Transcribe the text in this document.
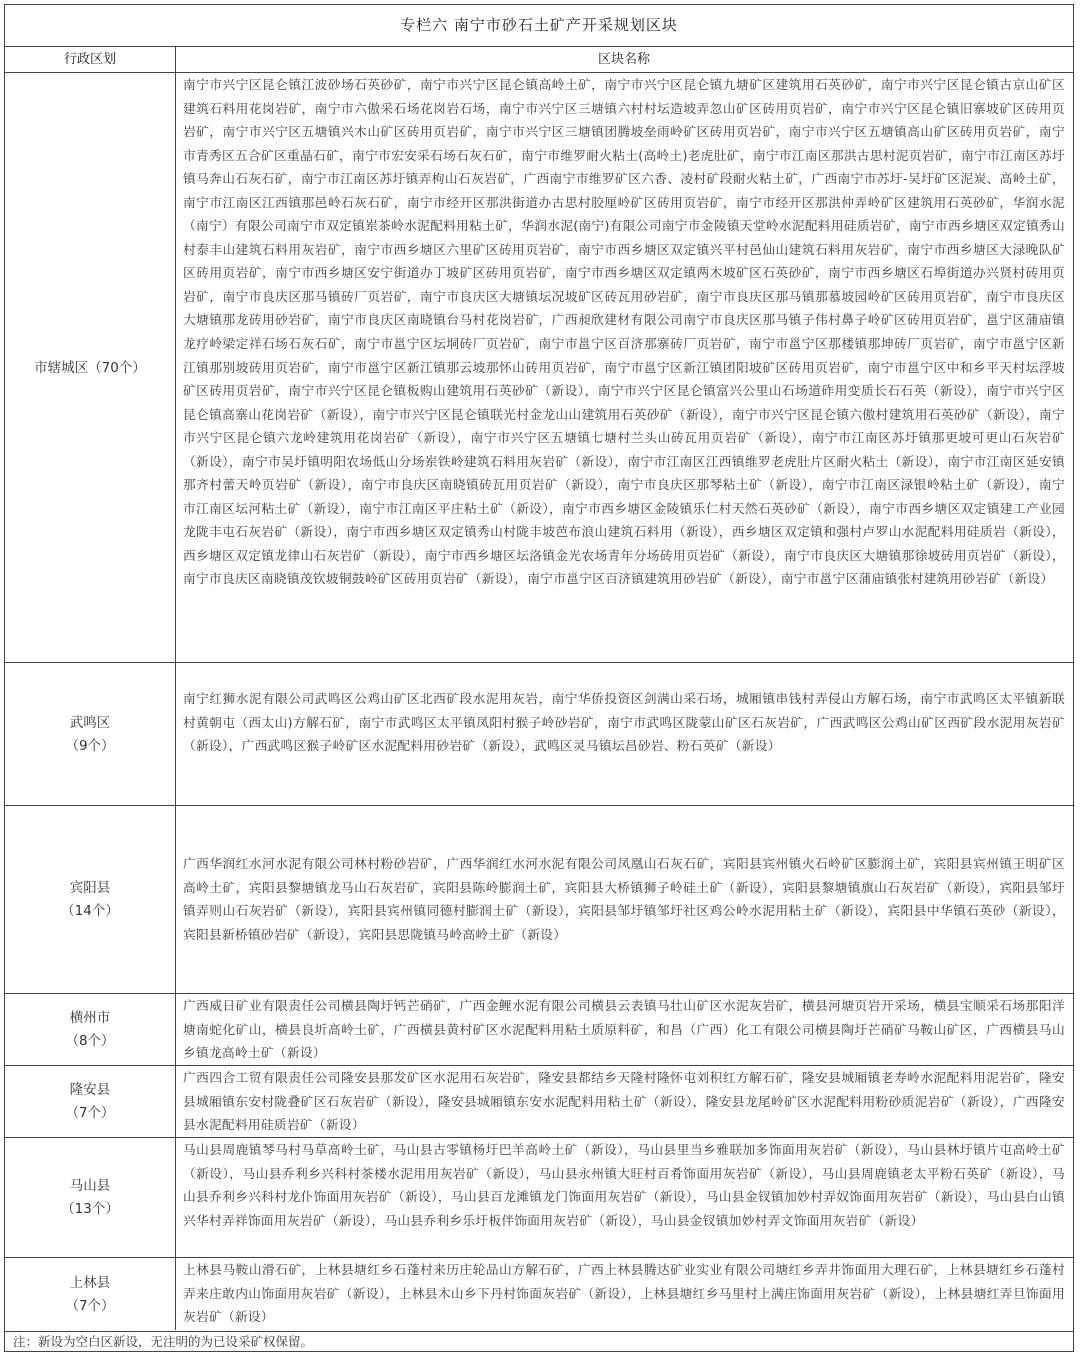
专栏六 南宁市砂石土矿产开采规划区块
行政区划	区块名称
市辖城区（70个）
南宁市兴宁区昆仑镇江波砂场石英砂矿，南宁市兴宁区昆仑镇高岭土矿，南宁市兴宁区昆仑镇九塘矿区建筑用石英砂矿，南宁市兴宁区昆仑镇古京山矿区建筑石料用花岗岩矿，南宁市六傲采石场花岗岩石场，南宁市兴宁区三塘镇六村村坛造坡弄忽山矿区砖用页岩矿，南宁市兴宁区昆仑镇旧寨坡矿区砖用页岩矿，南宁市兴宁区五塘镇兴木山矿区砖用页岩矿，南宁市兴宁区三塘镇团腾坡垒雨岭矿区砖用页岩矿，南宁市兴宁区五塘镇高山矿区砖用页岩矿，南宁市青秀区五合矿区重晶石矿，南宁市宏安采石场石灰石矿，南宁市维罗耐火粘土(高岭土)老虎肚矿，南宁市江南区那洪古思村泥页岩矿，南宁市江南区苏圩镇马奔山石灰石矿，南宁市江南区苏圩镇弄枸山石灰岩矿，广西南宁市维罗矿区六香、凌村矿段耐火粘土矿，广西南宁市苏圩-吴圩矿区泥炭、高岭土矿，南宁市江南区江西镇那邑岭石灰石矿，南宁市经开区那洪街道办古思村胶厘岭矿区砖用页岩矿，南宁市经开区那洪仲弄岭矿区建筑用石英砂矿，华润水泥（南宁）有限公司南宁市双定镇岽茶岭水泥配料用粘土矿，华润水泥(南宁)有限公司南宁市金陵镇天堂岭水泥配料用硅质岩矿，南宁市西乡塘区双定镇秀山村泰丰山建筑石料用灰岩矿，南宁市西乡塘区六里矿区砖用页岩矿，南宁市西乡塘区双定镇兴平村邑仙山建筑石料用灰岩矿，南宁市西乡塘区大渌晚队矿区砖用页岩矿，南宁市西乡塘区安宁街道办丁坡矿区砖用页岩矿，南宁市西乡塘区双定镇两木坡矿区石英砂矿，南宁市西乡塘区石埠街道办兴贤村砖用页岩矿，南宁市良庆区那马镇砖厂页岩矿，南宁市良庆区大塘镇坛况坡矿区砖瓦用砂岩矿，南宁市良庆区那马镇那慕坡园岭矿区砖用页岩矿，南宁市良庆区大塘镇那龙砖用砂岩矿，南宁市良庆区南晓镇台马村花岗岩矿，广西昶欣建材有限公司南宁市良庆区那马镇子伟村鼻子岭矿区砖用页岩矿，邕宁区蒲庙镇龙疗岭梁定祥石场石灰石矿，南宁市邕宁区坛垌砖厂页岩矿，南宁市邕宁区百济那寨砖厂页岩矿，南宁市邕宁区那楼镇那坤砖厂页岩矿，南宁市邕宁区新江镇那别坡砖用页岩矿，南宁市邕宁区新江镇那云坡那怀山砖用页岩矿，南宁市邕宁区新江镇团阳坡矿区砖用页岩矿，南宁市邕宁区中和乡平天村坛浮坡矿区砖用页岩矿，南宁市兴宁区昆仑镇板购山建筑用石英砂矿（新设），南宁市兴宁区昆仑镇富兴公里山石场道砟用变质长石石英（新设），南宁市兴宁区昆仑镇高寨山花岗岩矿（新设），南宁市兴宁区昆仑镇联光村金龙山山建筑用石英砂矿（新设），南宁市兴宁区昆仑镇六傲村建筑用石英砂矿（新设），南宁市兴宁区昆仑镇六龙岭建筑用花岗岩矿（新设），南宁市兴宁区五塘镇七塘村兰头山砖瓦用页岩矿（新设），南宁市江南区苏圩镇那更坡可更山石灰岩矿（新设），南宁市吴圩镇明阳农场低山分场岽铁岭建筑石料用灰岩矿（新设），南宁市江南区江西镇维罗老虎肚片区耐火粘土（新设），南宁市江南区延安镇那齐村蕾天岭页岩矿（新设），南宁市良庆区南晓镇砖瓦用页岩矿（新设），南宁市良庆区那琴粘土矿（新设），南宁市江南区渌银岭粘土矿（新设），南宁市江南区坛河粘土矿（新设），南宁市江南区平庄粘土矿（新设），南宁市西乡塘区金陵镇乐仁村天然石英砂矿（新设），南宁市西乡塘区双定镇建工产业园龙陇丰屯石灰岩矿（新设），南宁市西乡塘区双定镇秀山村陇丰坡芭布浪山建筑石料用（新设），西乡塘区双定镇和强村卢罗山水泥配料用硅质岩（新设），西乡塘区双定镇龙律山石灰岩矿（新设），南宁市西乡塘区坛洛镇金光农场青年分场砖用页岩矿（新设），南宁市良庆区大塘镇那徐坡砖用页岩矿（新设），南宁市良庆区南晓镇茂钦坡铜鼓岭矿区砖用页岩矿（新设），南宁市邕宁区百济镇建筑用砂岩矿（新设），南宁市邕宁区蒲庙镇张村建筑用砂岩矿（新设）
武鸣区
（9个）
南宁红狮水泥有限公司武鸣区公鸡山矿区北西矿段水泥用灰岩，南宁华侨投资区剑满山采石场，城厢镇串钱村弄侵山方解石场，南宁市武鸣区太平镇新联村黄朝屯（西太山)方解石矿，南宁市武鸣区太平镇凤阳村猴子岭砂岩矿，南宁市武鸣区陇蒙山矿区石灰岩矿，广西武鸣区公鸡山矿区西矿段水泥用灰岩矿（新设），广西武鸣区猴子岭矿区水泥配料用砂岩矿（新设），武鸣区灵马镇坛昌砂岩、粉石英矿（新设）
宾阳县
（14个）
广西华润红水河水泥有限公司林村粉砂岩矿，广西华润红水河水泥有限公司凤凰山石灰石矿，宾阳县宾州镇火石岭矿区膨润土矿，宾阳县宾州镇王明矿区高岭土矿，宾阳县黎塘镇龙马山石灰岩矿，宾阳县陈岭膨润土矿，宾阳县大桥镇狮子岭硅土矿（新设），宾阳县黎塘镇旗山石灰岩矿（新设），宾阳县邹圩镇弄则山石灰岩矿（新设），宾阳县宾州镇同德村膨润土矿（新设），宾阳县邹圩镇邹圩社区鸡公岭水泥用粘土矿（新设），宾阳县中华镇石英砂（新设），宾阳县新桥镇砂岩矿（新设），宾阳县思陇镇马岭高岭土矿（新设）
横州市
（8个）
广西威日矿业有限责任公司横县陶圩钙芒硝矿，广西金鲤水泥有限公司横县云表镇马壮山矿区水泥灰岩矿，横县河塘页岩开采场，横县宝顺采石场那阳洋塘南蛇化矿山，横县良圻高岭土矿，广西横县黄村矿区水泥配料用粘土质原料矿，和昌（广西）化工有限公司横县陶圩芒硝矿马鞍山矿区，广西横县马山乡镇龙高岭土矿（新设）
隆安县
（7个）
广西四合工贸有限责任公司隆安县那发矿区水泥用石灰岩矿，隆安县都结乡天隆村隆怀屯刘积红方解石矿，隆安县城厢镇老寿岭水泥配料用泥岩矿，隆安县城厢镇东安村陇叠矿区石灰岩矿（新设），隆安县城厢镇东安水泥配料用粘土矿（新设），隆安县龙尾岭矿区水泥配料用粉砂质泥岩矿（新设），广西隆安县水泥配料用硅质岩矿（新设）
马山县
（13个）
马山县周鹿镇琴马村马草高岭土矿，马山县古零镇杨圩巴羊高岭土矿（新设），马山县里当乡雅联加多饰面用灰岩矿（新设），马山县林圩镇片屯高岭土矿（新设），马山县乔利乡兴科村茶楼水泥用用灰岩矿（新设），马山县永州镇大旺村百肴饰面用灰岩矿（新设），马山县周鹿镇老太平粉石英矿（新设），马山县乔利乡兴科村龙仆饰面用灰岩矿（新设），马山县百龙滩镇龙门饰面用灰岩矿（新设），马山县金钗镇加妙村弄奴饰面用灰岩矿（新设），马山县白山镇兴华村弄祥饰面用灰岩矿（新设），马山县乔利乡乐圩板伴饰面用灰岩矿（新设），马山县金钗镇加妙村弄文饰面用灰岩矿（新设）
上林县
（7个）
上林县马鞍山滑石矿，上林县塘红乡石蓬村来历庄轮品山方解石矿，广西上林县腾达矿业实业有限公司塘红乡弄井饰面用大理石矿，上林县塘红乡石蓬村弄来庄敢内山饰面用灰岩矿（新设），上林县木山乡下丹村饰面灰岩矿（新设），上林县塘红乡马里村上满庄饰面用灰岩矿（新设），上林县塘红弄旦饰面用灰岩矿（新设）
注：新设为空白区新设，无注明的为已设采矿权保留。
